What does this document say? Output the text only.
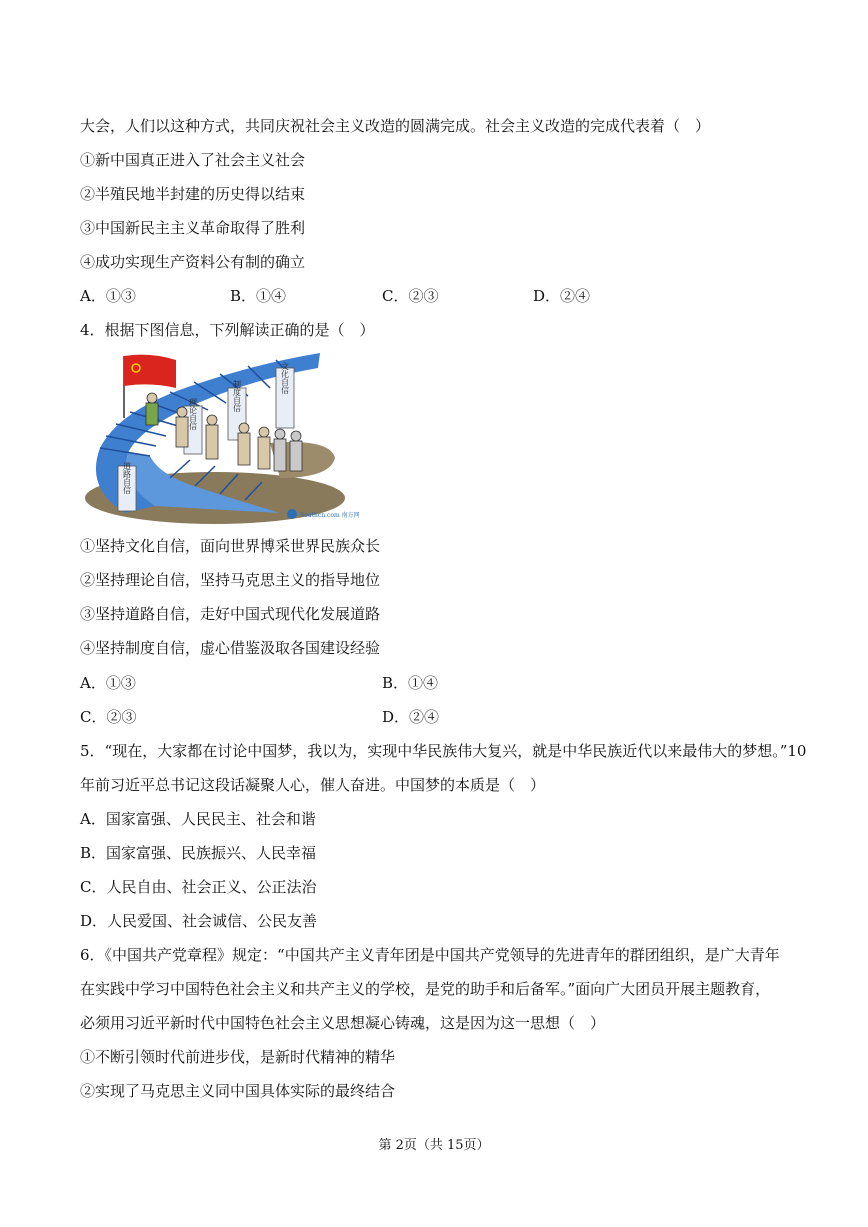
大会，人们以这种方式，共同庆祝社会主义改造的圆满完成。社会主义改造的完成代表着（　）
①新中国真正进入了社会主义社会
②半殖民地半封建的历史得以结束
③中国新民主主义革命取得了胜利
④成功实现生产资料公有制的确立
A．①③	B．①④	C．②③	D．②④
4．根据下图信息，下列解读正确的是（　）
道路自信
理论自信
制度自信
文化自信
Southcn.com 南方网
①坚持文化自信，面向世界博采世界民族众长
②坚持理论自信，坚持马克思主义的指导地位
③坚持道路自信，走好中国式现代化发展道路
④坚持制度自信，虚心借鉴汲取各国建设经验
A．①③	B．①④
C．②③	D．②④
5．“现在，大家都在讨论中国梦，我以为，实现中华民族伟大复兴，就是中华民族近代以来最伟大的梦想。”10
年前习近平总书记这段话凝聚人心，催人奋进。中国梦的本质是（　）
A．国家富强、人民民主、社会和谐
B．国家富强、民族振兴、人民幸福
C．人民自由、社会正义、公正法治
D．人民爱国、社会诚信、公民友善
6．《中国共产党章程》规定：“中国共产主义青年团是中国共产党领导的先进青年的群团组织，是广大青年
在实践中学习中国特色社会主义和共产主义的学校，是党的助手和后备军。”面向广大团员开展主题教育，
必须用习近平新时代中国特色社会主义思想凝心铸魂，这是因为这一思想（　）
①不断引领时代前进步伐，是新时代精神的精华
②实现了马克思主义同中国具体实际的最终结合
第 2页（共 15页）
